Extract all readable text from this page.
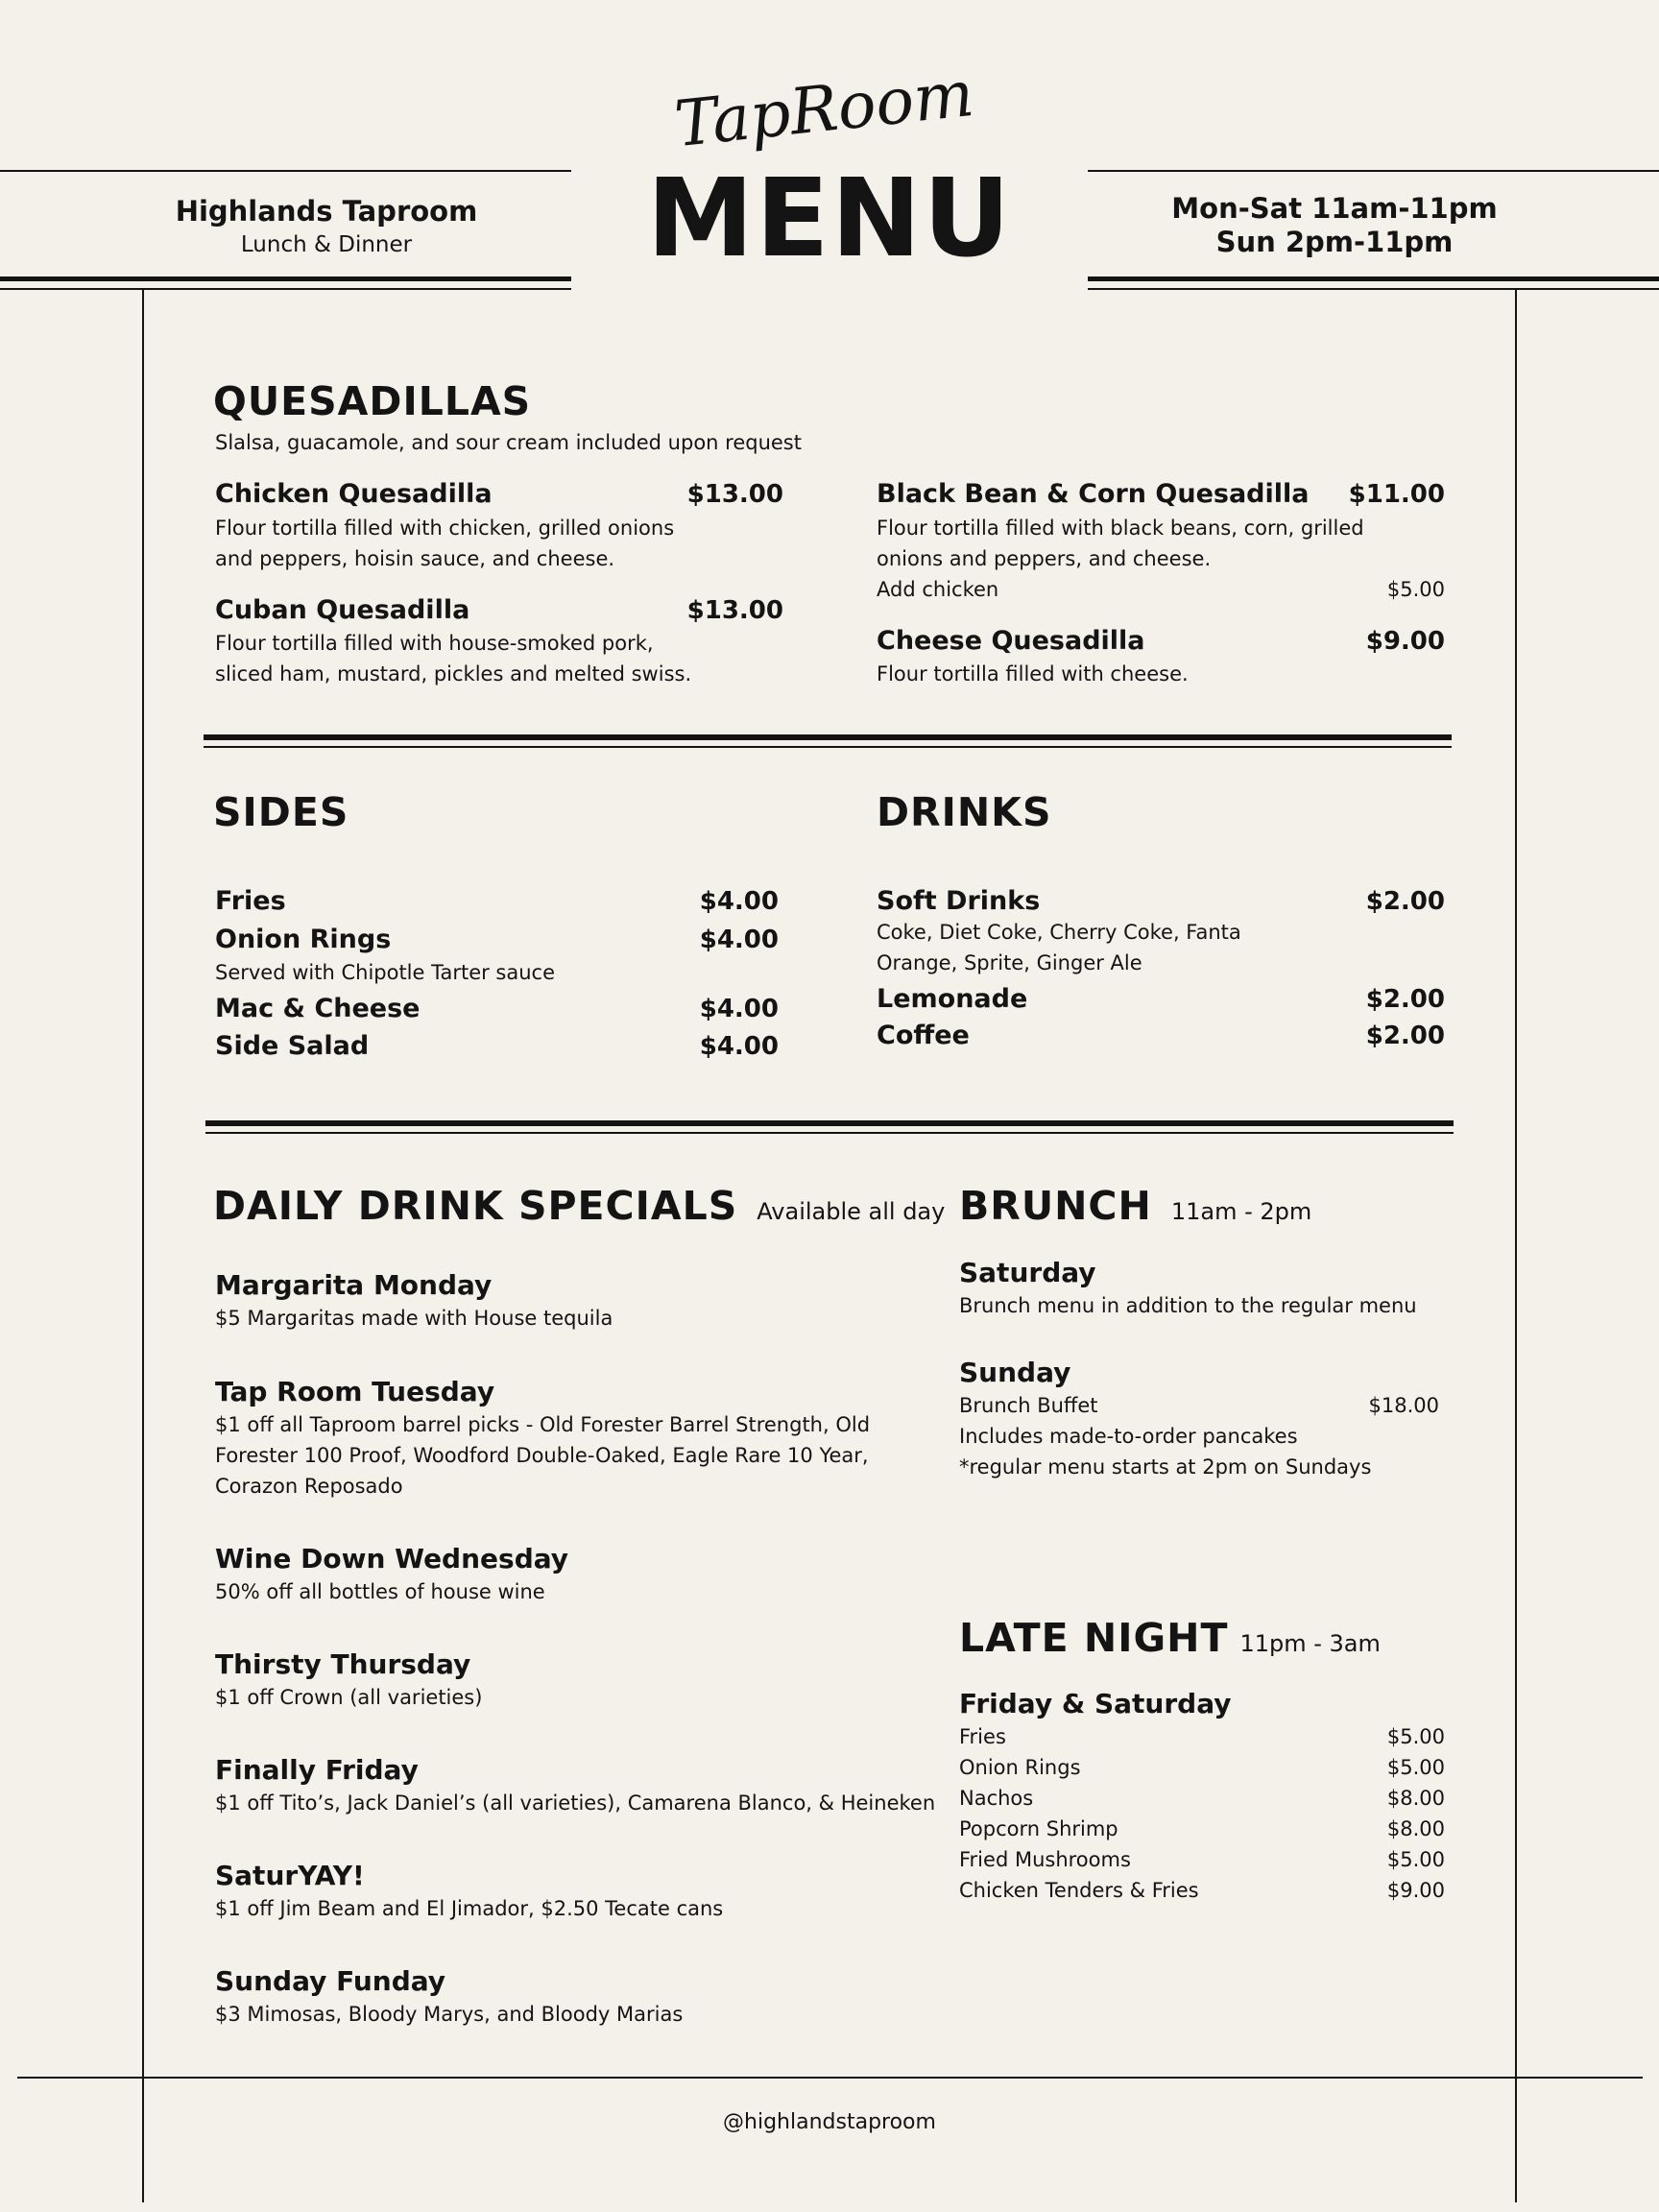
TapRoom
MENU
Highlands Taproom
Lunch & Dinner
Mon-Sat 11am-11pm
Sun 2pm-11pm
QUESADILLAS
Slalsa, guacamole, and sour cream included upon request
Chicken Quesadilla	$13.00
Flour tortilla filled with chicken, grilled onions and peppers, hoisin sauce, and cheese.
Cuban Quesadilla	$13.00
Flour tortilla filled with house-smoked pork, sliced ham, mustard, pickles and melted swiss.
Black Bean & Corn Quesadilla $11.00
Flour tortilla filled with black beans, corn, grilled onions and peppers, and cheese.
Add chicken	$5.00
Cheese Quesadilla	$9.00
Flour tortilla filled with cheese.
SIDES
Fries	$4.00
Onion Rings	$4.00
Served with Chipotle Tarter sauce
Mac & Cheese	$4.00
Side Salad	$4.00
DRINKS
Soft Drinks	$2.00
Coke, Diet Coke, Cherry Coke, Fanta Orange, Sprite, Ginger Ale
Lemonade	$2.00
Coffee	$2.00
DAILY DRINK SPECIALS Available all day
Margarita Monday
$5 Margaritas made with House tequila
Tap Room Tuesday
$1 off all Taproom barrel picks - Old Forester Barrel Strength, Old Forester 100 Proof, Woodford Double-Oaked, Eagle Rare 10 Year, Corazon Reposado
Wine Down Wednesday
50% off all bottles of house wine
Thirsty Thursday
$1 off Crown (all varieties)
Finally Friday
$1 off Tito’s, Jack Daniel’s (all varieties), Camarena Blanco, & Heineken
SaturYAY!
$1 off Jim Beam and El Jimador, $2.50 Tecate cans
Sunday Funday
$3 Mimosas, Bloody Marys, and Bloody Marias
BRUNCH 11am - 2pm
Saturday
Brunch menu in addition to the regular menu
Sunday
Brunch Buffet	$18.00
Includes made-to-order pancakes
*regular menu starts at 2pm on Sundays
LATE NIGHT 11pm - 3am
Friday & Saturday
Fries	$5.00
Onion Rings	$5.00
Nachos	$8.00
Popcorn Shrimp	$8.00
Fried Mushrooms	$5.00
Chicken Tenders & Fries	$9.00
@highlandstaproom
